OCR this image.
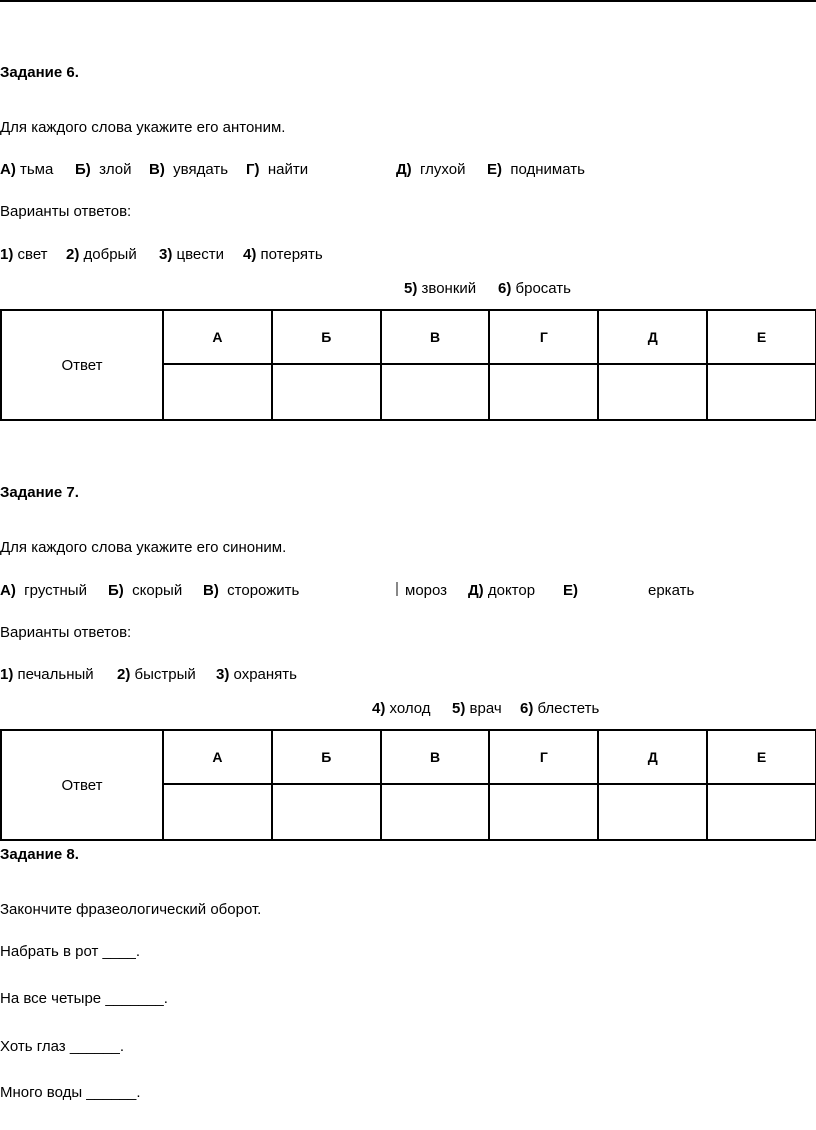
Задание 6.
Для каждого слова укажите его антоним.
А) тьма Б) злой В) увядать Г) найти	Д) глухой Е) поднимать
Варианты ответов:
1) свет 2) добрый 3) цвести 4) потерять
5) звонкий 6) бросать
Ответ	А	Б	В	Г	Д	Е

Задание 7.
Для каждого слова укажите его синоним.
А) грустный Б) скорый В) сторожить	мороз Д) доктор Е)	еркать
Варианты ответов:
1) печальный 2) быстрый 3) охранять
4) холод 5) врач 6) блестеть
Ответ	А	Б	В	Г	Д	Е

Задание 8.
Закончите фразеологический оборот.
Набрать в рот ____.
На все четыре _______.
Хоть глаз ______.
Много воды ______.
